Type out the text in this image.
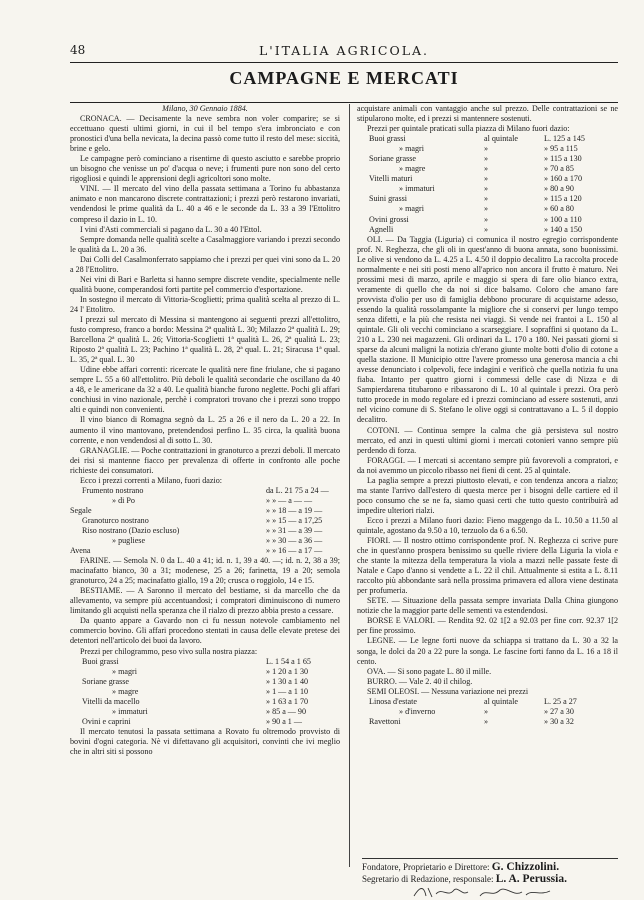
48	L'ITALIA AGRICOLA.
CAMPAGNE E MERCATI
Milano, 30 Gennaio 1884.

CRONACA. — Decisamente la neve sembra non voler comparire; se si eccettuano questi ultimi giorni, in cui il bel tempo s'era imbronciato e con pronostici d'una bella nevicata, la decina passò come tutto il resto del mese: siccità, brine e gelo.

Le campagne però cominciano a risentirne di questo asciutto e sarebbe proprio un bisogno che venisse un po' d'acqua o neve; i frumenti pure non sono del certo rigogliosi e quindi le apprensioni degli agricoltori sono molte.

VINI. — Il mercato del vino della passata settimana a Torino fu abbastanza animato e non mancarono discrete contrattazioni; i prezzi però restarono invariati, vendendosi le prime qualità da L. 40 a 46 e le seconde da L. 33 a 39 l'Ettolitro compreso il dazio in L. 10.

I vini d'Asti commerciali si pagano da L. 30 a 40 l'Ettol.

Sempre domanda nelle qualità scelte a Casalmaggiore variando i prezzi secondo le qualità da L. 20 a 36.

Dai Colli del Casalmonferrato sappiamo che i prezzi per quei vini sono da L. 20 a 28 l'Ettolitro.

Nei vini di Bari e Barletta si hanno sempre discrete vendite, specialmente nelle qualità buone, comperandosi forti partite pel commercio d'esportazione.

In sostegno il mercato di Vittoria-Scoglietti; prima qualità scelta al prezzo di L. 24 l' Ettolitro.

I prezzi sul mercato di Messina si mantengono ai seguenti prezzi all'ettolitro, fusto compreso, franco a bordo: Messina 2ª qualità L. 30; Milazzo 2ª qualità L. 29; Barcellona 2ª qualità L. 26; Vittoria-Scoglietti 1ª qualità L. 26, 2ª qualità L. 23; Riposto 2ª qualità L. 23; Pachino 1ª qualità L. 28, 2ª qual. L. 21; Siracusa 1ª qual. L. 35, 2ª qual. L. 30

Udine ebbe affari correnti: ricercate le qualità nere fine friulane, che si pagano sempre L. 55 a 60 all'ettolitro. Più deboli le qualità secondarie che oscillano da 40 a 48, e le americane da 32 a 40. Le qualità bianche furono neglette. Pochi gli affari conchiusi in vino nazionale, perchè i compratori trovano che i prezzi sono troppo alti e quindi non convenienti.

Il vino bianco di Romagna segnò da L. 25 a 26 e il nero da L. 20 a 22. In aumento il vino mantovano, pretendendosi perfino L. 35 circa, la qualità buona corrente, e non vendendosi al di sotto L. 30.

GRANAGLIE. — Poche contrattazioni in granoturco a prezzi deboli. Il mercato dei risi si mantenne fiacco per prevalenza di offerte in confronto alle poche richieste dei consumatori.

Ecco i prezzi correnti a Milano, fuori dazio:

Frumento nostrano	da L. 21 75 a 24 —
» di Po	» » — a — —
Segale	» » 18 — a 19 —
Granoturco nostrano	» » 15 — a 17,25
Riso nostrano (Dazio escluso)	» » 31 — a 39 —
» pugliese	» » 30 — a 36 —
Avena	» » 16 — a 17 —

FARINE. — Semola N. 0 da L. 40 a 41; id. n. 1, 39 a 40. —; id. n. 2, 38 a 39; macinafatto bianco, 30 a 31; modenese, 25 a 26; farinetta, 19 a 20; semola granoturco, 24 a 25; macinafatto giallo, 19 a 20; crusca o roggiolo, 14 e 15.

BESTIAME. — A Saronno il mercato del bestiame, si da marcello che da allevamento, va sempre più accentuandosi; i compratori diminuiscono di numero limitando gli acquisti nella speranza che il rialzo di prezzo abbia presto a cessare.

Da quanto appare a Gavardo non ci fu nessun notevole cambiamento nel commercio bovino. Gli affari procedono stentati in causa delle elevate pretese dei detentori nell'articolo dei buoi da lavoro.

Prezzi per chilogrammo, peso vivo sulla nostra piazza:

Buoi grassi	L. 1 54 a 1 65
» magri	» 1 20 a 1 30
Soriane grasse	» 1 30 a 1 40
» magre	» 1 — a 1 10
Vitelli da macello	» 1 63 a 1 70
» immaturi	» 85 a — 90
Ovini e caprini	» 90 a 1 —

Il mercato tenutosi la passata settimana a Rovato fu oltremodo provvisto di bovini d'ogni categoria. Nè vi difettavano gli acquisitori, convinti che ivi meglio che in altri siti si possono

acquistare animali con vantaggio anche sul prezzo. Delle contrattazioni se ne stipularono molte, ed i prezzi si mantennere sostenuti.

Prezzi per quintale praticati sulla piazza di Milano fuori dazio:

Buoi grassi	al quintale	L. 125 a 145
» magri	»	» 95 a 115
Soriane grasse	»	» 115 a 130
» magre	»	» 70 a 85
Vitelli maturi	»	» 160 a 170
» immaturi	»	» 80 a 90
Suini grassi	»	» 115 a 120
» magri	»	» 60 a 80
Ovini grossi	»	» 100 a 110
Agnelli	»	» 140 a 150

OLI. — Da Taggia (Liguria) ci comunica il nostro egregio corrispondente prof. N. Reghezza, che gli oli in quest'anno di buona annata, sono buonissimi. Le olive si vendono da L. 4.25 a L. 4.50 il doppio decalitro La raccolta procede normalmente e nei siti posti meno all'aprico non ancora il frutto è maturo. Nei prossimi mesi di marzo, aprile e maggio si spera di fare olio bianco extra, veramente di quello che da noi si dice balsamo. Coloro che amano fare provvista d'olio per uso di famiglia debbono procurare di acquistarne adesso, essendo la qualità rossolampante la migliore che si conservi per lungo tempo senza difetti, e la più che resista nei viaggi. Si vende nei frantoi a L. 150 al quintale. Gli oli vecchi cominciano a scarseggiare. I sopraffini si quotano da L. 210 a L. 230 nei magazzeni. Gli ordinari da L. 170 a 180. Nei passati giorni si sparse da alcuni maligni la notizia ch'erano giunte molte botti d'olio di cotone a quella stazione. Il Municipio ottre l'avere promesso una generosa mancia a chi avesse denunciato i colpevoli, fece indagini e verificò che quella notizia fu una fiaba. Intanto per quattro giorni i commessi delle case di Nizza e di Sampierdarena titubarono e ribassarono di L. 10 al quintale i prezzi. Ora però tutto procede in modo regolare ed i prezzi cominciano ad essere sostenuti, anzi nel vicino comune di S. Stefano le olive oggi si contrattavano a L. 5 il doppio decalitro.

COTONI. — Continua sempre la calma che già persisteva sul nostro mercato, ed anzi in questi ultimi giorni i mercati cotonieri vanno sempre più perdendo di forza.

FORAGGI. — I mercati si accentano sempre più favorevoli a compratori, e da noi avemmo un piccolo ribasso nei fieni di cent. 25 al quintale.

La paglia sempre a prezzi piuttosto elevati, e con tendenza ancora a rialzo; ma stante l'arrivo dall'estero di questa merce per i bisogni delle cartiere ed il poco consumo che se ne fa, siamo quasi certi che tutto questo contribuirà ad impedire ulteriori rialzi.

Ecco i prezzi a Milano fuori dazio: Fieno maggengo da L. 10.50 a 11.50 al quintale, agostano da 9.50 a 10, terzuolo da 6 a 6.50.

FIORI. — Il nostro ottimo corrispondente prof. N. Reghezza ci scrive pure che in quest'anno prospera benissimo su quelle riviere della Liguria la viola e che stante la mitezza della temperatura la viola a mazzi nelle passate feste di Natale e Capo d'anno si vendette a L. 22 il chil. Attualmente si estita a L. 8.11 raccolto più abbondante sarà nella prossima primavera ed allora viene destinata per profumeria.

SETE. — Situazione della passata sempre invariata Dalla China giungono notizie che la maggior parte delle sementi va estendendosi.

BORSE E VALORI. — Rendita 92. 02 1[2 a 92.03 per fine corr. 92.37 1[2 per fine prossimo.

LEGNE. — Le legne forti nuove da schiappa si trattano da L. 30 a 32 la songa, le dolci da 20 a 22 pure la songa. Le fascine forti fanno da L. 16 a 18 il cento.

OVA. — Si sono pagate L. 80 il mille.

BURRO. — Vale 2. 40 il chilog.

SEMI OLEOSI. — Nessuna variazione nei prezzi

Linosa d'estate	al quintale	L. 25 a 27
» d'inverno	»	» 27 a 30
Ravettoni	»	» 30 a 32
Fondatore, Proprietario e Direttore: G. Chizzolini.
Segretario di Redazione, responsale: L. A. Perussia.
